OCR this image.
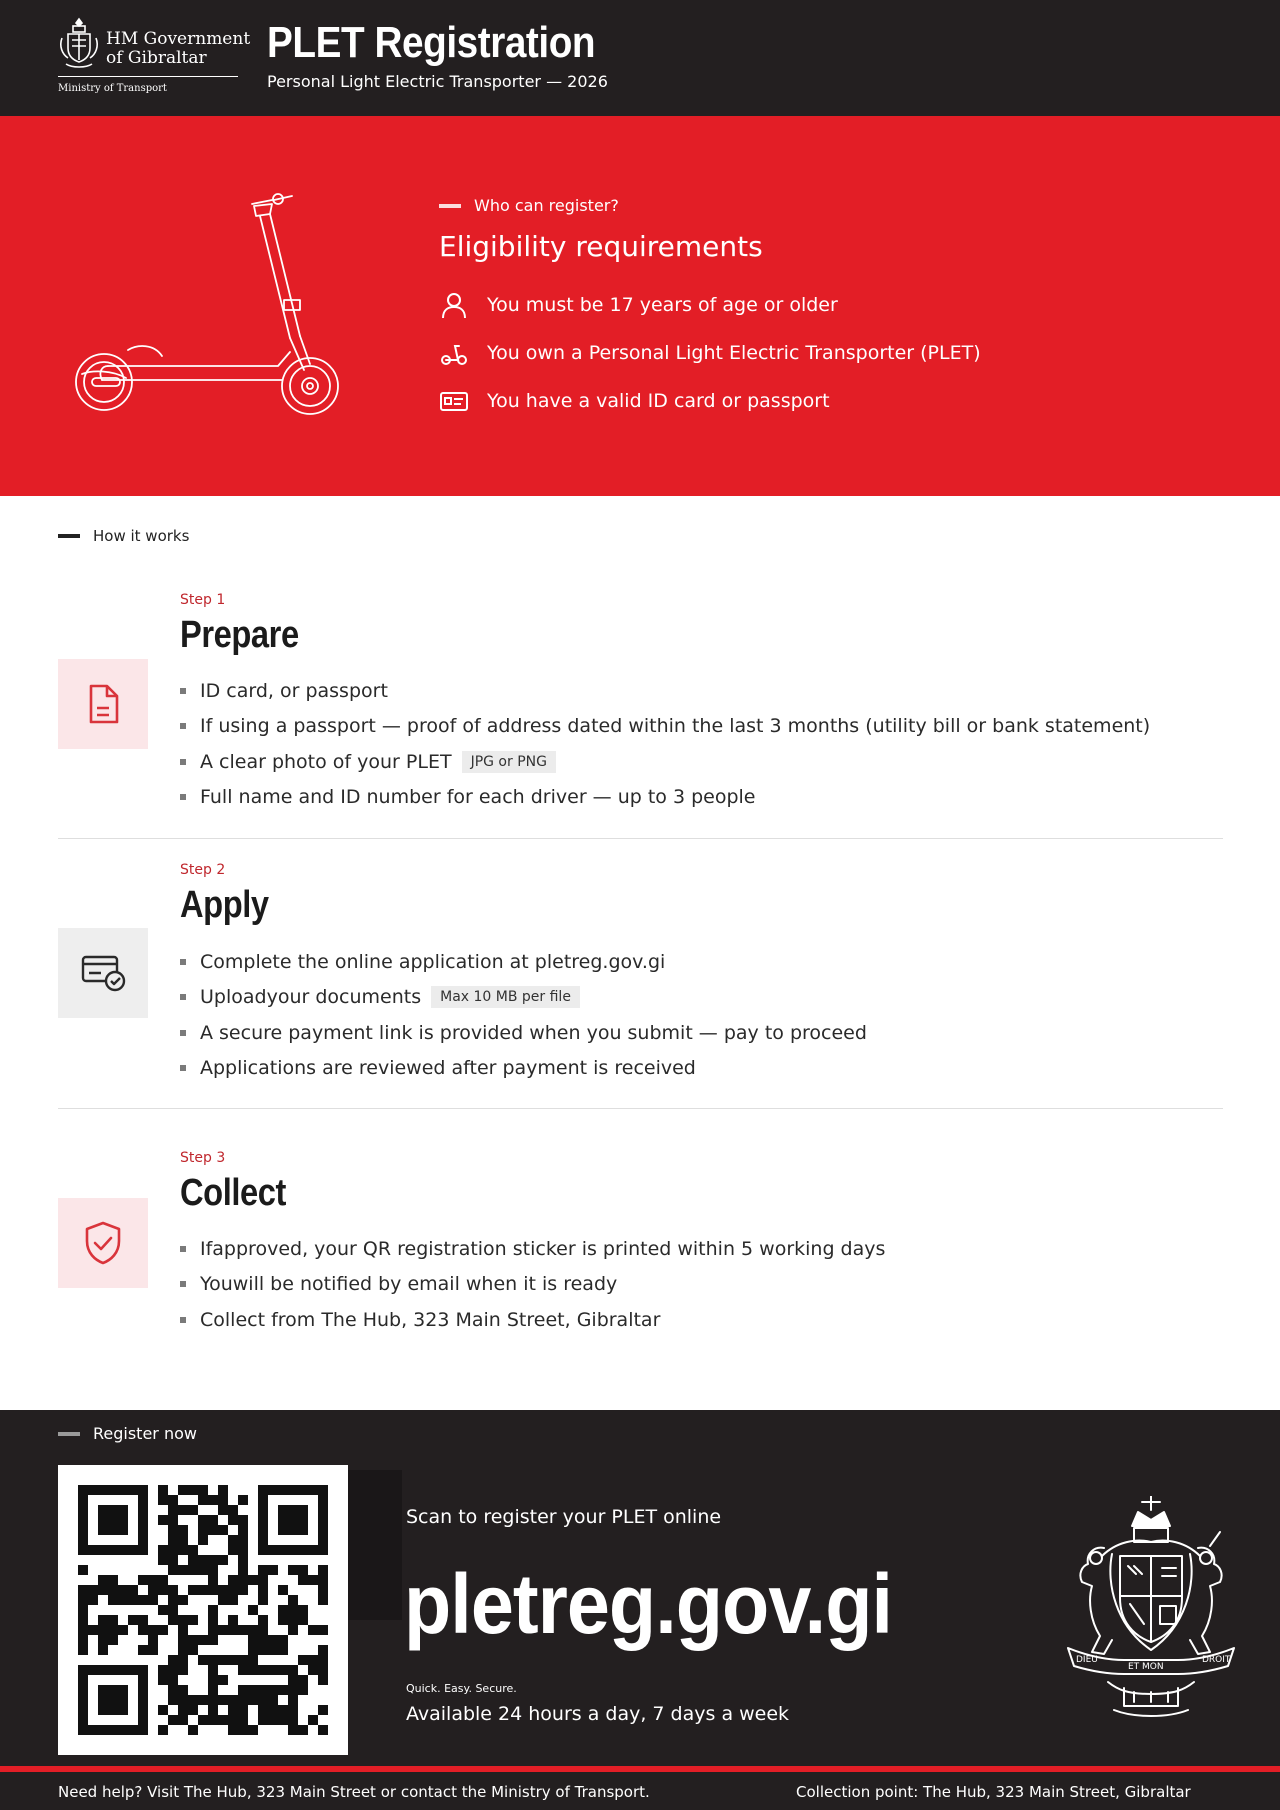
HM Government
of Gibraltar
Ministry of Transport
PLET Registration
Personal Light Electric Transporter — 2026
Who can register?
Eligibility requirements
You must be 17 years of age or older
You own a Personal Light Electric Transporter (PLET)
You have a valid ID card or passport
How it works
Step 1
Prepare
ID card, or passport
If using a passport — proof of address dated within the last 3 months (utility bill or bank statement)
A clear photo of your PLET	JPG or PNG
Full name and ID number for each driver — up to 3 people
Step 2
Apply
Complete the online application at pletreg.gov.gi
Uploadyour documents	Max 10 MB per file
A secure payment link is provided when you submit — pay to proceed
Applications are reviewed after payment is received
Step 3
Collect
Ifapproved, your QR registration sticker is printed within 5 working days
Youwill be notified by email when it is ready
Collect from The Hub, 323 Main Street, Gibraltar
Register now
Scan to register your PLET online
pletreg.gov.gi
Quick. Easy. Secure.
Available 24 hours a day, 7 days a week
DIEU
ET MON
DROIT
Need help? Visit The Hub, 323 Main Street or contact the Ministry of Transport.	Collection point: The Hub, 323 Main Street, Gibraltar
